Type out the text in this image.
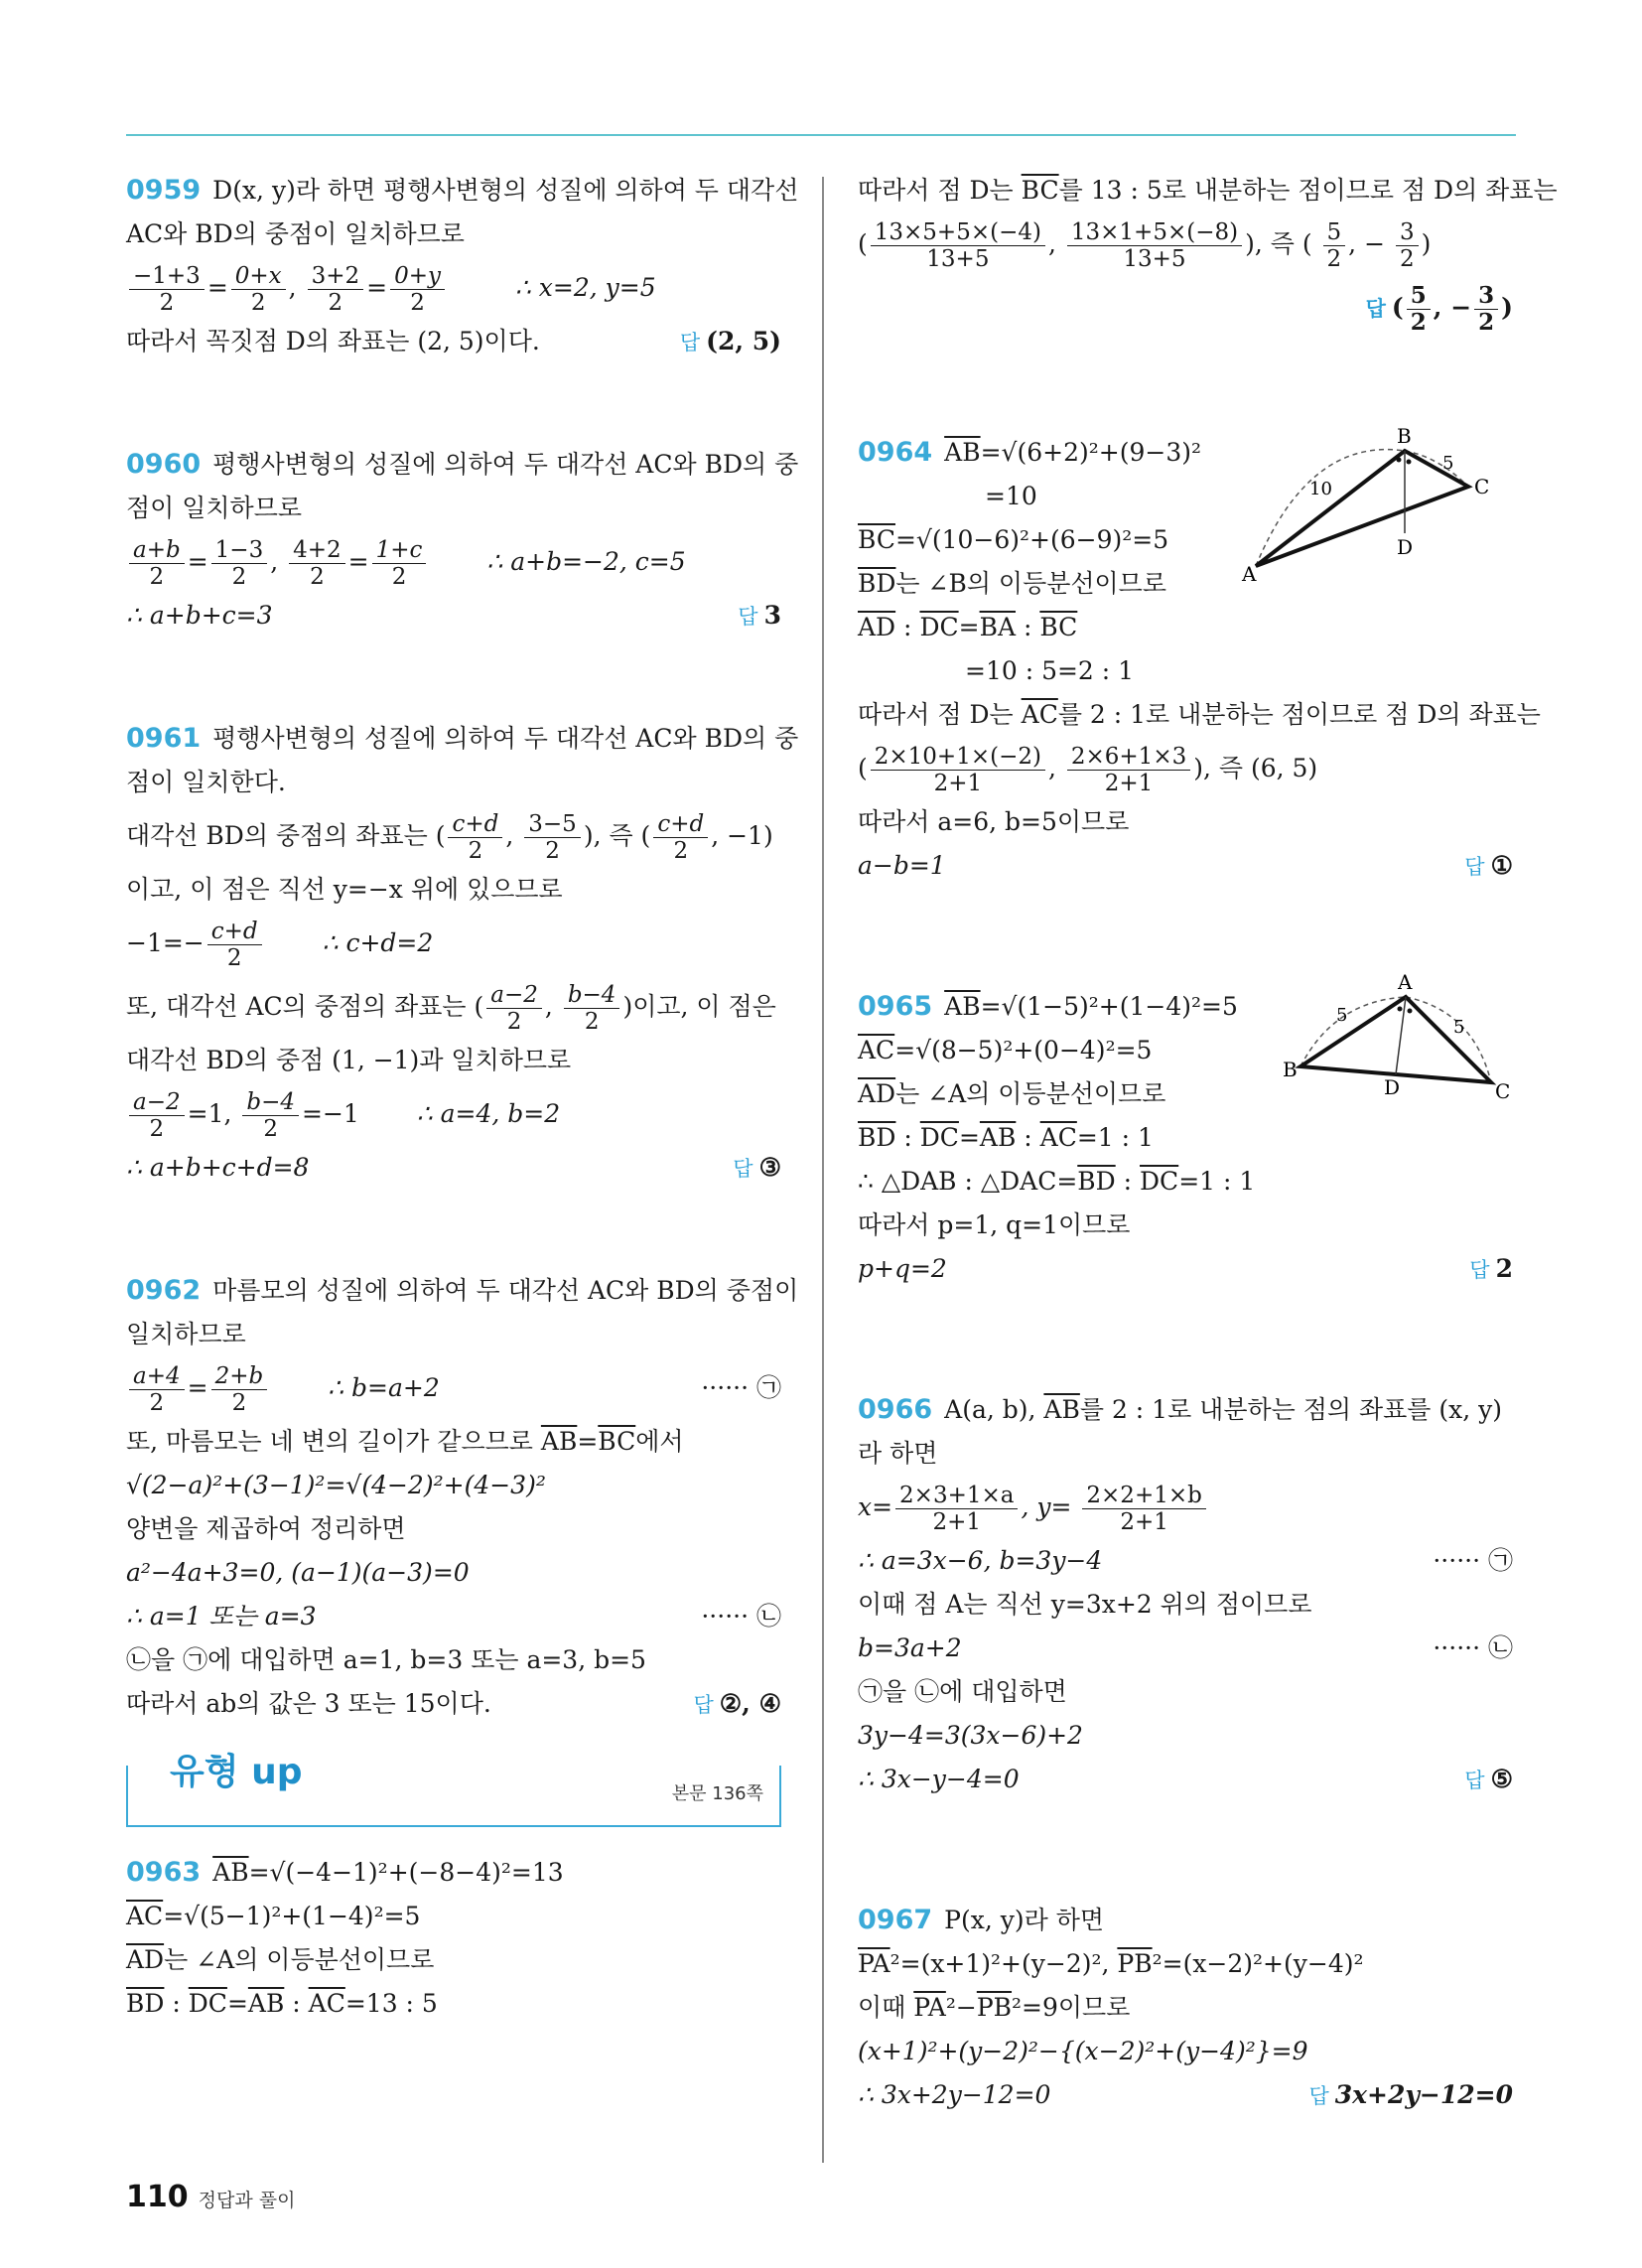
0959 D(x, y)라 하면 평행사변형의 성질에 의하여 두 대각선
AC와 BD의 중점이 일치하므로
$\frac{-1+3}{2} = \frac{0+x}{2}$ , $\frac{3+2}{2} = \frac{0+y}{2}$	∴ x=2, y=5
따라서 꼭짓점 D의 좌표는 (2, 5)이다.	답 (2, 5)
0960 평행사변형의 성질에 의하여 두 대각선 AC와 BD의 중
점이 일치하므로
$\frac{a+b}{2} = \frac{1-3}{2}$ , $\frac{4+2}{2} = \frac{1+c}{2}$ ∴ a+b=−2, c=5
∴ a+b+c=3	답 3
0961 평행사변형의 성질에 의하여 두 대각선 AC와 BD의 중
점이 일치한다.
대각선 BD의 중점의 좌표는 ( $\frac{c+d}{2}$ , $\frac{3-5}{2}$ ), 즉 ( $\frac{c+d}{2}$ , −1)
이고, 이 점은 직선 y=−x 위에 있으므로
$-1=- \frac{c+d}{2}$ ∴ c+d=2
또, 대각선 AC의 중점의 좌표는 ( $\frac{a-2}{2}$ , $\frac{b-4}{2}$ )이고, 이 점은
대각선 BD의 중점 (1, −1)과 일치하므로
$\frac{a-2}{2} =1$, $\frac{b-4}{2} =-1$ ∴ a=4, b=2
∴ a+b+c+d=8	답 ③
0962 마름모의 성질에 의하여 두 대각선 AC와 BD의 중점이
일치하므로
$\frac{a+4}{2} = \frac{2+b}{2}$ ∴ b=a+2	······ ㉠
또, 마름모는 네 변의 길이가 같으므로 $\overline{AB}=\overline{BC}$에서
√(2−a)²+(3−1)²=√(4−2)²+(4−3)²
양변을 제곱하여 정리하면
a²−4a+3=0, (a−1)(a−3)=0
∴ a=1 또는 a=3	······ ㉡
㉡을 ㉠에 대입하면 a=1, b=3 또는 a=3, b=5
따라서 ab의 값은 3 또는 15이다.	답 ②, ④
유형 up
본문 136쪽
0963 $\overline{AB}=√(-4-1)^2+(-8-4)^2=13$
$\overline{AC}=√(5-1)^2+(1-4)^2=5$
$\overline{AD}$는 ∠A의 이등분선이므로
$\overline{BD}$ : $\overline{DC}=\overline{AB}$ : $\overline{AC}=13$ : 5
따라서 점 D는 $\overline{BC}$를 13 : 5로 내분하는 점이므로 점 D의 좌표는
( $\frac{13\times 5+5\times(-4)}{13+5}$ , $\frac{13\times 1+5\times(-8)}{13+5}$ ), 즉 ( $\frac{5}{2}$ , − $\frac{3}{2}$ )
답 ( $\frac{5}{2}$ , − $\frac{3}{2}$ )
A
B
C
D
10
5
0964 $\overline{AB}=√(6+2)^2+(9-3)^2$
=10
$\overline{BC}=√(10-6)^2+(6-9)^2=5$
$\overline{BD}$는 ∠B의 이등분선이므로
$\overline{AD}$ : $\overline{DC}=\overline{BA}$ : $\overline{BC}$
=10 : 5=2 : 1
따라서 점 D는 $\overline{AC}$를 2 : 1로 내분하는 점이므로 점 D의 좌표는
( $\frac{2\times 10+1\times(-2)}{2+1}$ , $\frac{2\times 6+1\times 3}{2+1}$ ), 즉 (6, 5)
따라서 a=6, b=5이므로
a−b=1	답 ①
A
B
C
D
5
5
0965 $\overline{AB}=√(1-5)^2+(1-4)^2=5$
$\overline{AC}=√(8-5)^2+(0-4)^2=5$
$\overline{AD}$는 ∠A의 이등분선이므로
$\overline{BD}$ : $\overline{DC}=\overline{AB}$ : $\overline{AC}=1$ : 1
∴ △DAB : $\triangle DAC=\overline{BD}$ : $\overline{DC}=1$ : 1
따라서 p=1, q=1이므로
p+q=2	답 2
0966 A(a, b), $\overline{AB}$를 2 : 1로 내분하는 점의 좌표를 (x, y)
라 하면
$x= \frac{2\times 3+1\times a}{2+1}$ , $y= \frac{2\times 2+1\times b}{2+1}$
∴ a=3x−6, b=3y−4	······ ㉠
이때 점 A는 직선 y=3x+2 위의 점이므로
b=3a+2	······ ㉡
㉠을 ㉡에 대입하면
3y−4=3(3x−6)+2
∴ 3x−y−4=0	답 ⑤
0967 P(x, y)라 하면
$\overline{PA}^2=(x+1)^2+(y-2)^2$, $\overline{PB}^2=(x-2)^2+(y-4)^2$
이때 $\overline{PA}^2-\overline{PB}^2=9$이므로
(x+1)²+(y−2)²−{(x−2)²+(y−4)²}=9
∴ 3x+2y−12=0	답 3x+2y−12=0
110 정답과 풀이
